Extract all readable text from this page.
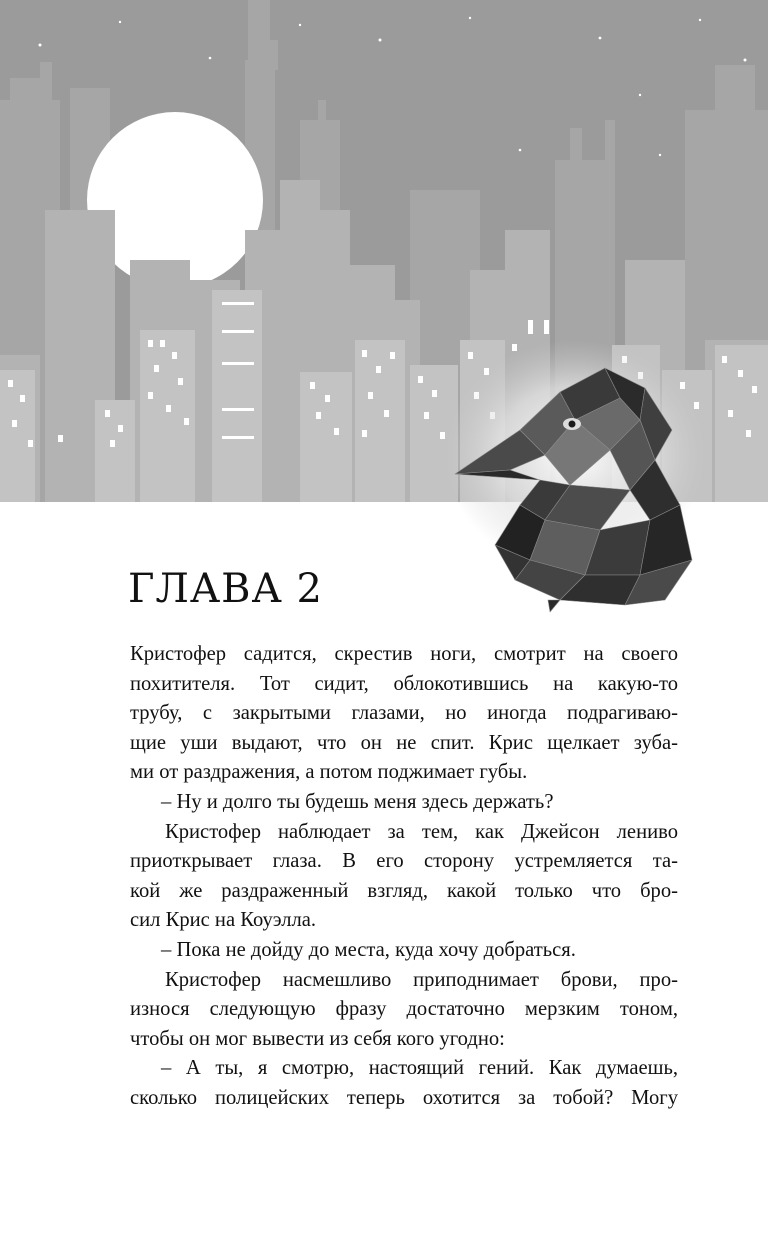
ГЛАВА 2
Кристофер садится, скрестив ноги, смотрит на своего
похитителя. Тот сидит, облокотившись на какую-то
трубу, с закрытыми глазами, но иногда подрагиваю-
щие уши выдают, что он не спит. Крис щелкает зуба-
ми от раздражения, а потом поджимает губы.
– Ну и долго ты будешь меня здесь держать?
Кристофер наблюдает за тем, как Джейсон лениво
приоткрывает глаза. В его сторону устремляется та-
кой же раздраженный взгляд, какой только что бро-
сил Крис на Коуэлла.
– Пока не дойду до места, куда хочу добраться.
Кристофер насмешливо приподнимает брови, про-
износя следующую фразу достаточно мерзким тоном,
чтобы он мог вывести из себя кого угодно:
– А ты, я смотрю, настоящий гений. Как думаешь,
сколько полицейских теперь охотится за тобой? Могу
